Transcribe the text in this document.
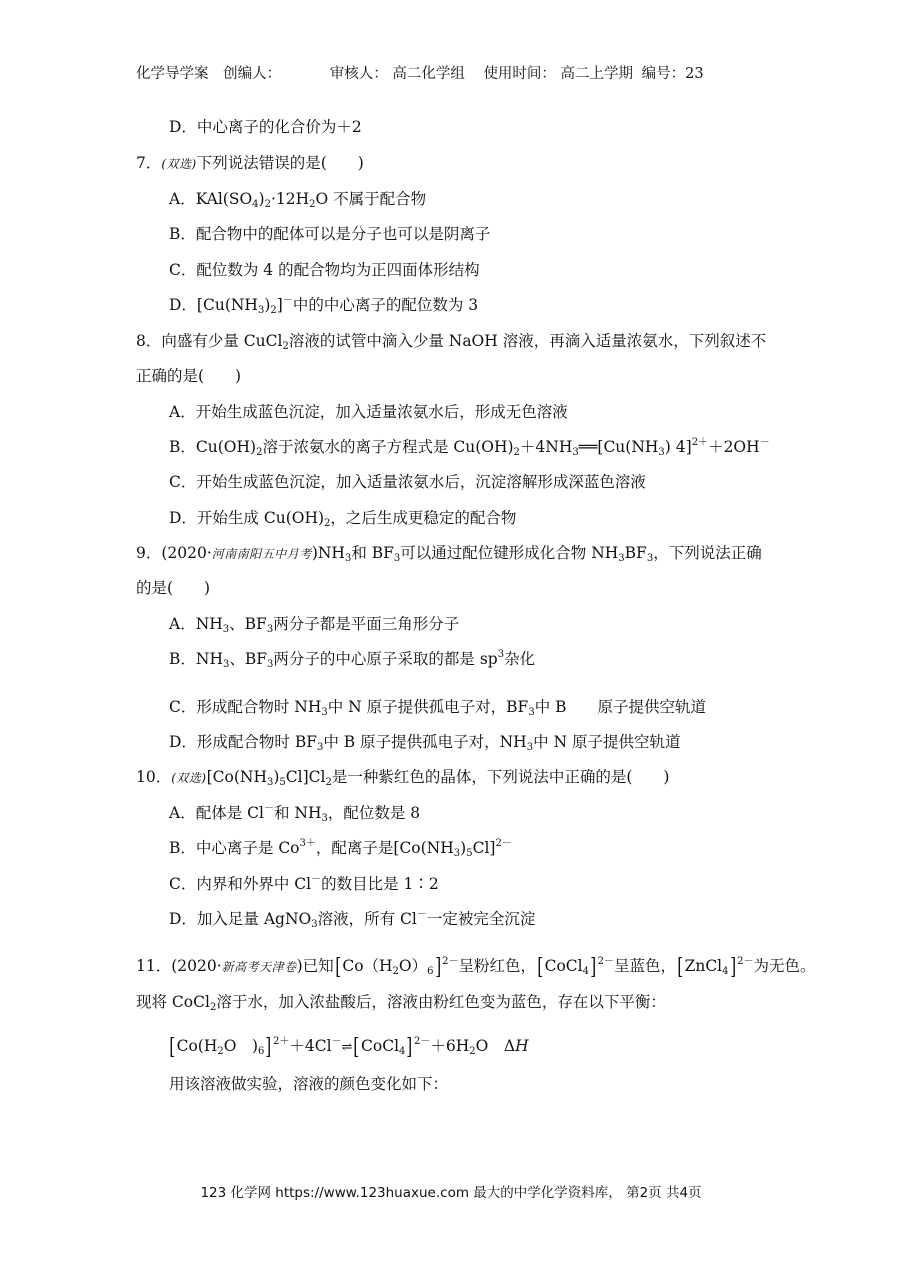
化学导学案 创编人：	审核人： 高二化学组 使用时间： 高二上学期 编号：23
D．中心离子的化合价为＋2
7．(双选)下列说法错误的是(　　)
A．$KAl(SO_4)_2\cdot 12H_2O$ 不属于配合物
B．配合物中的配体可以是分子也可以是阴离子
C．配位数为 4 的配合物均为正四面体形结构
D．$[Cu(NH_3)_2]^-$中的中心离子的配位数为 3
8．向盛有少量 CuCl$_2$溶液的试管中滴入少量 NaOH 溶液，再滴入适量浓氨水，下列叙述不
正确的是(　　)
A．开始生成蓝色沉淀，加入适量浓氨水后，形成无色溶液
B．$Cu(OH)_2$溶于浓氨水的离子方程式是 $Cu(OH)_2+4NH_3══[Cu(NH_3)$ 4]$^{2+}$＋2OH－
C．开始生成蓝色沉淀，加入适量浓氨水后，沉淀溶解形成深蓝色溶液
D．开始生成 $Cu(OH)_2$，之后生成更稳定的配合物
9．(2020·河南南阳五中月考)$NH_3$和 $BF_3$可以通过配位键形成化合物 $NH_3BF_3$，下列说法正确
的是(　　)
A．$NH_3$、$BF_3$两分子都是平面三角形分子
B．$NH_3$、$BF_3$两分子的中心原子采取的都是 $sp^3$杂化
C．形成配合物时 $NH_3$中 N 原子提供孤电子对，$BF_3$中 B　　原子提供空轨道
D．形成配合物时 $BF_3$中 B 原子提供孤电子对，$NH_3$中 N 原子提供空轨道
10．(双选)$[Co(NH_3)_5Cl]Cl_2$是一种紫红色的晶体，下列说法中正确的是(　　)
A．配体是 Cl－和 $NH_3$，配位数是 8
B．中心离子是 $Co^{3+}$，配离子是$[Co(NH_3)_5Cl]^{2-}$
C．内界和外界中 Cl－的数目比是 1∶2
D．加入足量 AgNO$_3$溶液，所有 Cl－一定被完全沉淀
11．(2020·新高考天津卷)已知$[Co(H_2O)_6]^{2-}$呈粉红色，[CoCl$_4$]$^{2-}$呈蓝色，[ZnCl$_4$]$^{2-}$为无色。
现将 CoCl$_2$溶于水，加入浓盐酸后，溶液由粉红色变为蓝色，存在以下平衡：
[$Co(H_2O$　)$_6]^{2+}+4Cl^-\rightleftharpoons[CoCl_4]^{2-}+6H_2O$　ΔH
用该溶液做实验，溶液的颜色变化如下：
123 化学网 https://www.123huaxue.com 最大的中学化学资料库， 第2页 共4页
